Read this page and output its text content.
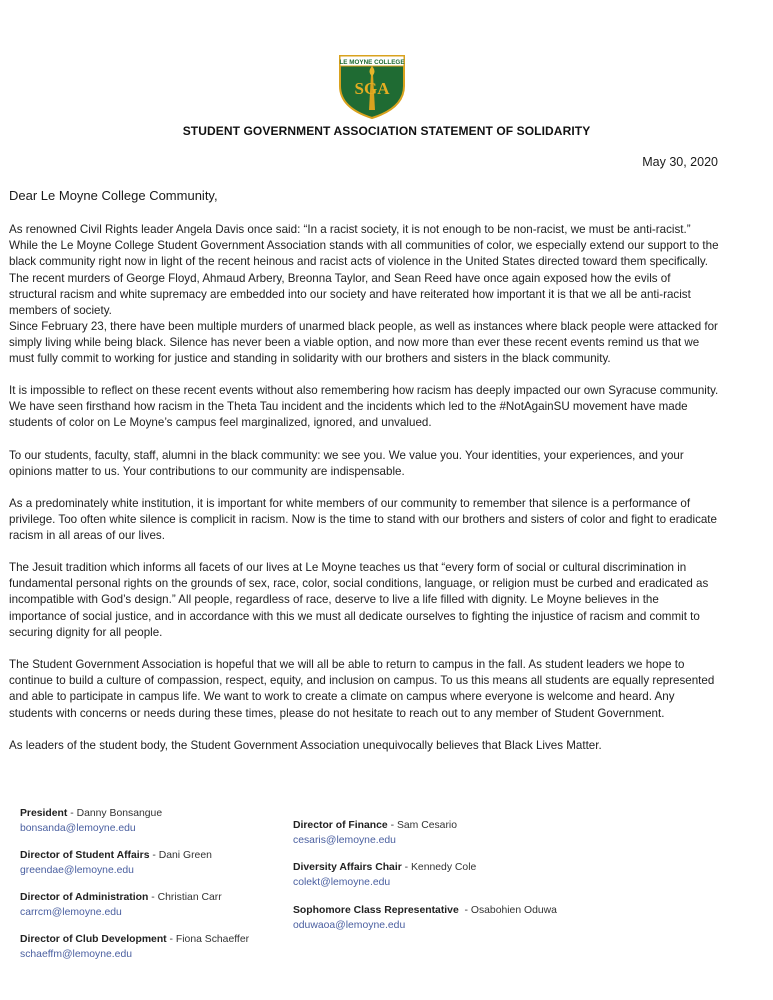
LE MOYNE COLLEGE
SGA
STUDENT GOVERNMENT ASSOCIATION STATEMENT OF SOLIDARITY
May 30, 2020
Dear Le Moyne College Community,
As renowned Civil Rights leader Angela Davis once said: “In a racist society, it is not enough to be non-racist, we must be anti-racist.” While the Le Moyne College Student Government Association stands with all communities of color, we especially extend our support to the black community right now in light of the recent heinous and racist acts of violence in the United States directed toward them specifically. The recent murders of George Floyd, Ahmaud Arbery, Breonna Taylor, and Sean Reed have once again exposed how the evils of structural racism and white supremacy are embedded into our society and have reiterated how important it is that we all be anti-racist members of society.
Since February 23, there have been multiple murders of unarmed black people, as well as instances where black people were attacked for simply living while being black. Silence has never been a viable option, and now more than ever these recent events remind us that we must fully commit to working for justice and standing in solidarity with our brothers and sisters in the black community.
It is impossible to reflect on these recent events without also remembering how racism has deeply impacted our own Syracuse community. We have seen firsthand how racism in the Theta Tau incident and the incidents which led to the #NotAgainSU movement have made students of color on Le Moyne’s campus feel marginalized, ignored, and unvalued.
To our students, faculty, staff, alumni in the black community: we see you. We value you. Your identities, your experiences, and your opinions matter to us. Your contributions to our community are indispensable.
As a predominately white institution, it is important for white members of our community to remember that silence is a performance of privilege. Too often white silence is complicit in racism. Now is the time to stand with our brothers and sisters of color and fight to eradicate racism in all areas of our lives.
The Jesuit tradition which informs all facets of our lives at Le Moyne teaches us that “every form of social or cultural discrimination in fundamental personal rights on the grounds of sex, race, color, social conditions, language, or religion must be curbed and eradicated as incompatible with God’s design.” All people, regardless of race, deserve to live a life filled with dignity. Le Moyne believes in the importance of social justice, and in accordance with this we must all dedicate ourselves to fighting the injustice of racism and commit to securing dignity for all people.
The Student Government Association is hopeful that we will all be able to return to campus in the fall. As student leaders we hope to continue to build a culture of compassion, respect, equity, and inclusion on campus. To us this means all students are equally represented and able to participate in campus life. We want to work to create a climate on campus where everyone is welcome and heard. Any students with concerns or needs during these times, please do not hesitate to reach out to any member of Student Government.
As leaders of the student body, the Student Government Association unequivocally believes that Black Lives Matter.
President - Danny Bonsangue
bonsanda@lemoyne.edu
Director of Student Affairs - Dani Green
greendae@lemoyne.edu
Director of Administration - Christian Carr
carrcm@lemoyne.edu
Director of Club Development - Fiona Schaeffer
schaeffm@lemoyne.edu
Director of Finance - Sam Cesario
cesaris@lemoyne.edu
Diversity Affairs Chair - Kennedy Cole
colekt@lemoyne.edu
Sophomore Class Representative  - Osabohien Oduwa
oduwaoa@lemoyne.edu
